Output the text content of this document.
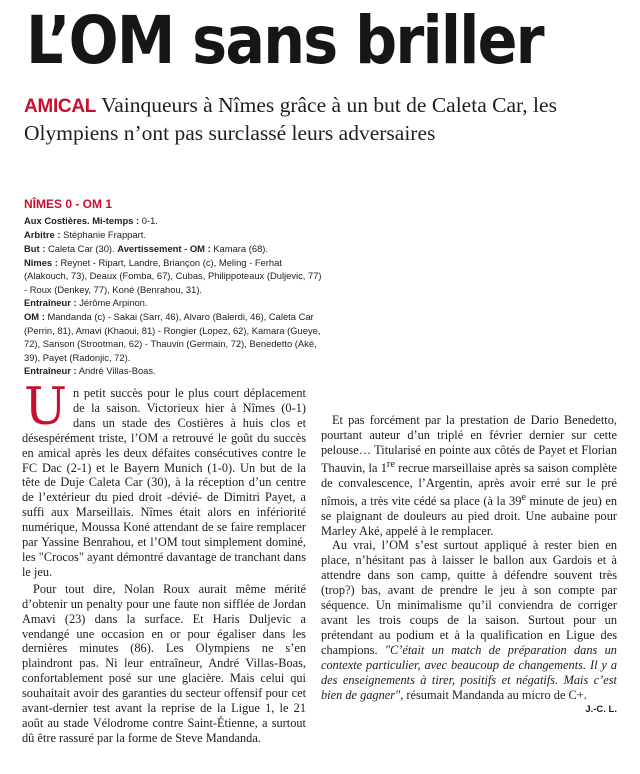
L’OM sans briller
AMICAL Vainqueurs à Nîmes grâce à un but de Caleta Car, les Olympiens n’ont pas surclassé leurs adversaires
NÎMES 0 - OM 1

Aux Costières. Mi-temps : 0-1.

Arbitre : Stéphanie Frappart.

But : Caleta Car (30). Avertissement - OM : Kamara (68).

Nîmes : Reynet - Ripart, Landre, Briançon (c), Meling - Ferhat (Alakouch, 73), Deaux (Fomba, 67), Cubas, Philippoteaux (Duljevic, 77) - Roux (Denkey, 77), Koné (Benrahou, 31).

Entraîneur : Jérôme Arpinon.

OM : Mandanda (c) - Sakai (Sarr, 46), Alvaro (Balerdi, 46), Caleta Car (Perrin, 81), Amavi (Khaoui, 81) - Rongier (Lopez, 62), Kamara (Gueye, 72), Sanson (Strootman, 62) - Thauvin (Germain, 72), Benedetto (Aké, 39), Payet (Radonjic, 72).

Entraîneur : André Villas-Boas.

Un petit succès pour le plus court déplacement de la saison. Victorieux hier à Nîmes (0-1) dans un stade des Costières à huis clos et désespérément triste, l’OM a retrouvé le goût du succès en amical après les deux défaites consécutives contre le FC Dac (2-1) et le Bayern Munich (1-0). Un but de la tête de Duje Caleta Car (30), à la réception d’un centre de l’extérieur du pied droit -dévié- de Dimitri Payet, a suffi aux Marseillais. Nîmes était alors en infériorité numérique, Moussa Koné attendant de se faire remplacer par Yassine Benrahou, et l’OM tout simplement dominé, les "Crocos" ayant démontré davantage de tranchant dans le jeu.

Pour tout dire, Nolan Roux aurait même mérité d’obtenir un penalty pour une faute non sifflée de Jordan Amavi (23) dans la surface. Et Haris Duljevic a vendangé une occasion en or pour égaliser dans les dernières minutes (86). Les Olympiens ne s’en plaindront pas. Ni leur entraîneur, André Villas-Boas, confortablement posé sur une glacière. Mais celui qui souhaitait avoir des garanties du secteur offensif pour cet avant-dernier test avant la reprise de la Ligue 1, le 21 août au stade Vélodrome contre Saint-Étienne, a surtout dû être rassuré par la forme de Steve Mandanda.

Et pas forcément par la prestation de Dario Benedetto, pourtant auteur d’un triplé en février dernier sur cette pelouse… Titularisé en pointe aux côtés de Payet et Florian Thauvin, la 1re recrue marseillaise après sa saison complète de convalescence, l’Argentin, après avoir erré sur le pré nîmois, a très vite cédé sa place (à la 39e minute de jeu) en se plaignant de douleurs au pied droit. Une aubaine pour Marley Aké, appelé à le remplacer.

Au vrai, l’OM s’est surtout appliqué à rester bien en place, n’hésitant pas à laisser le ballon aux Gardois et à attendre dans son camp, quitte à défendre souvent très (trop?) bas, avant de prendre le jeu à son compte par séquence. Un minimalisme qu’il conviendra de corriger avant les trois coups de la saison. Surtout pour un prétendant au podium et à la qualification en Ligue des champions. "C’était un match de préparation dans un contexte particulier, avec beaucoup de changements. Il y a des enseignements à tirer, positifs et négatifs. Mais c’est bien de gagner", résumait Mandanda au micro de C+.

J.-C. L.
